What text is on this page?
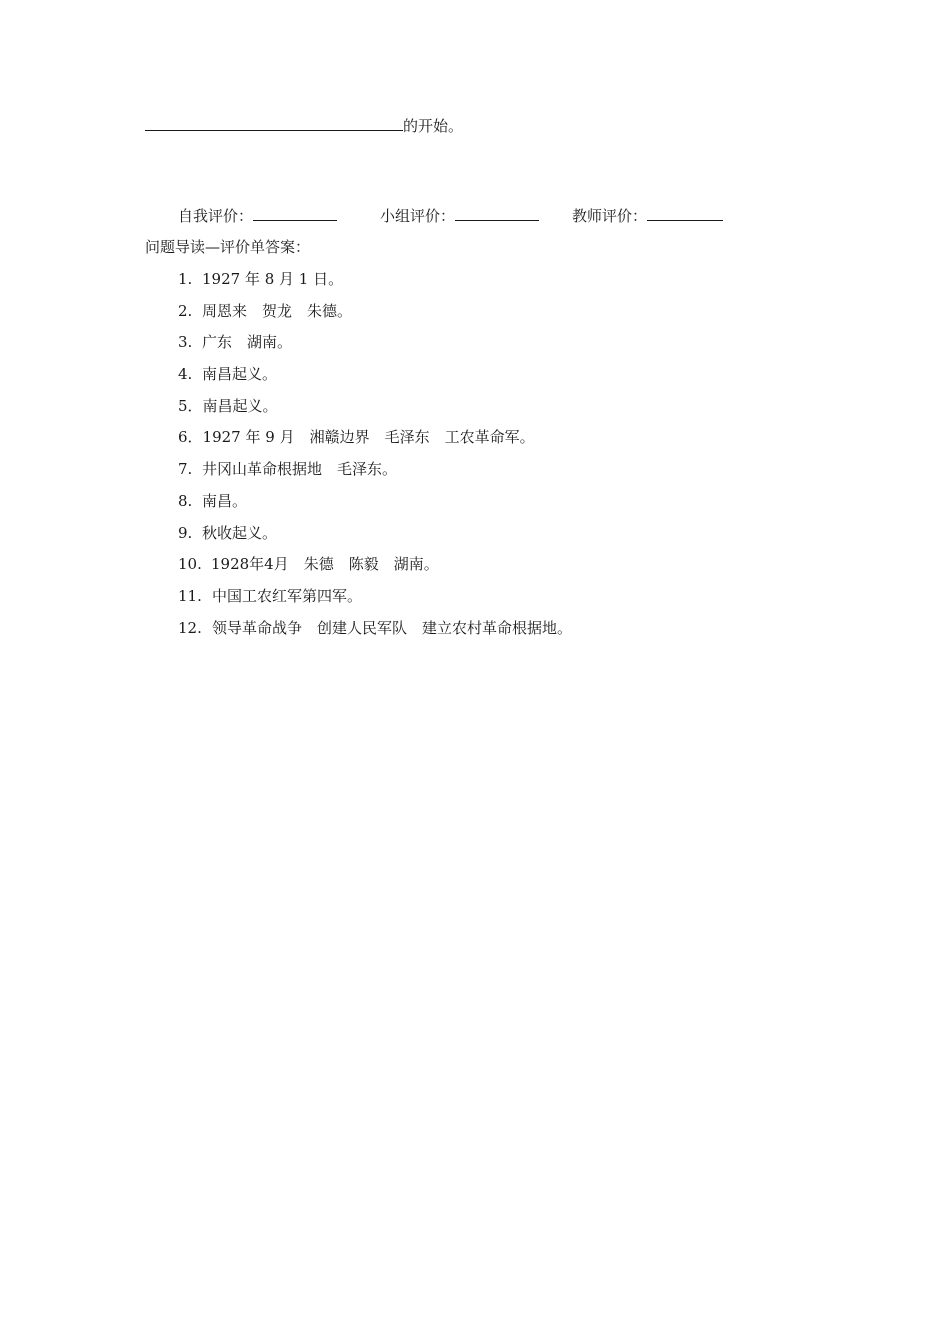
的开始。
自我评价：	小组评价：	教师评价：
问题导读—评价单答案：
1. 1927 年 8 月 1 日。
2. 周恩来　贺龙　朱德。
3. 广东　湖南。
4. 南昌起义。
5．南昌起义。
6．1927 年 9 月　湘赣边界　毛泽东　工农革命军。
7. 井冈山革命根据地　毛泽东。
8. 南昌。
9. 秋收起义。
10. 1928年4月　朱德　陈毅　湖南。
11. 中国工农红军第四军。
12. 领导革命战争　创建人民军队　建立农村革命根据地。
